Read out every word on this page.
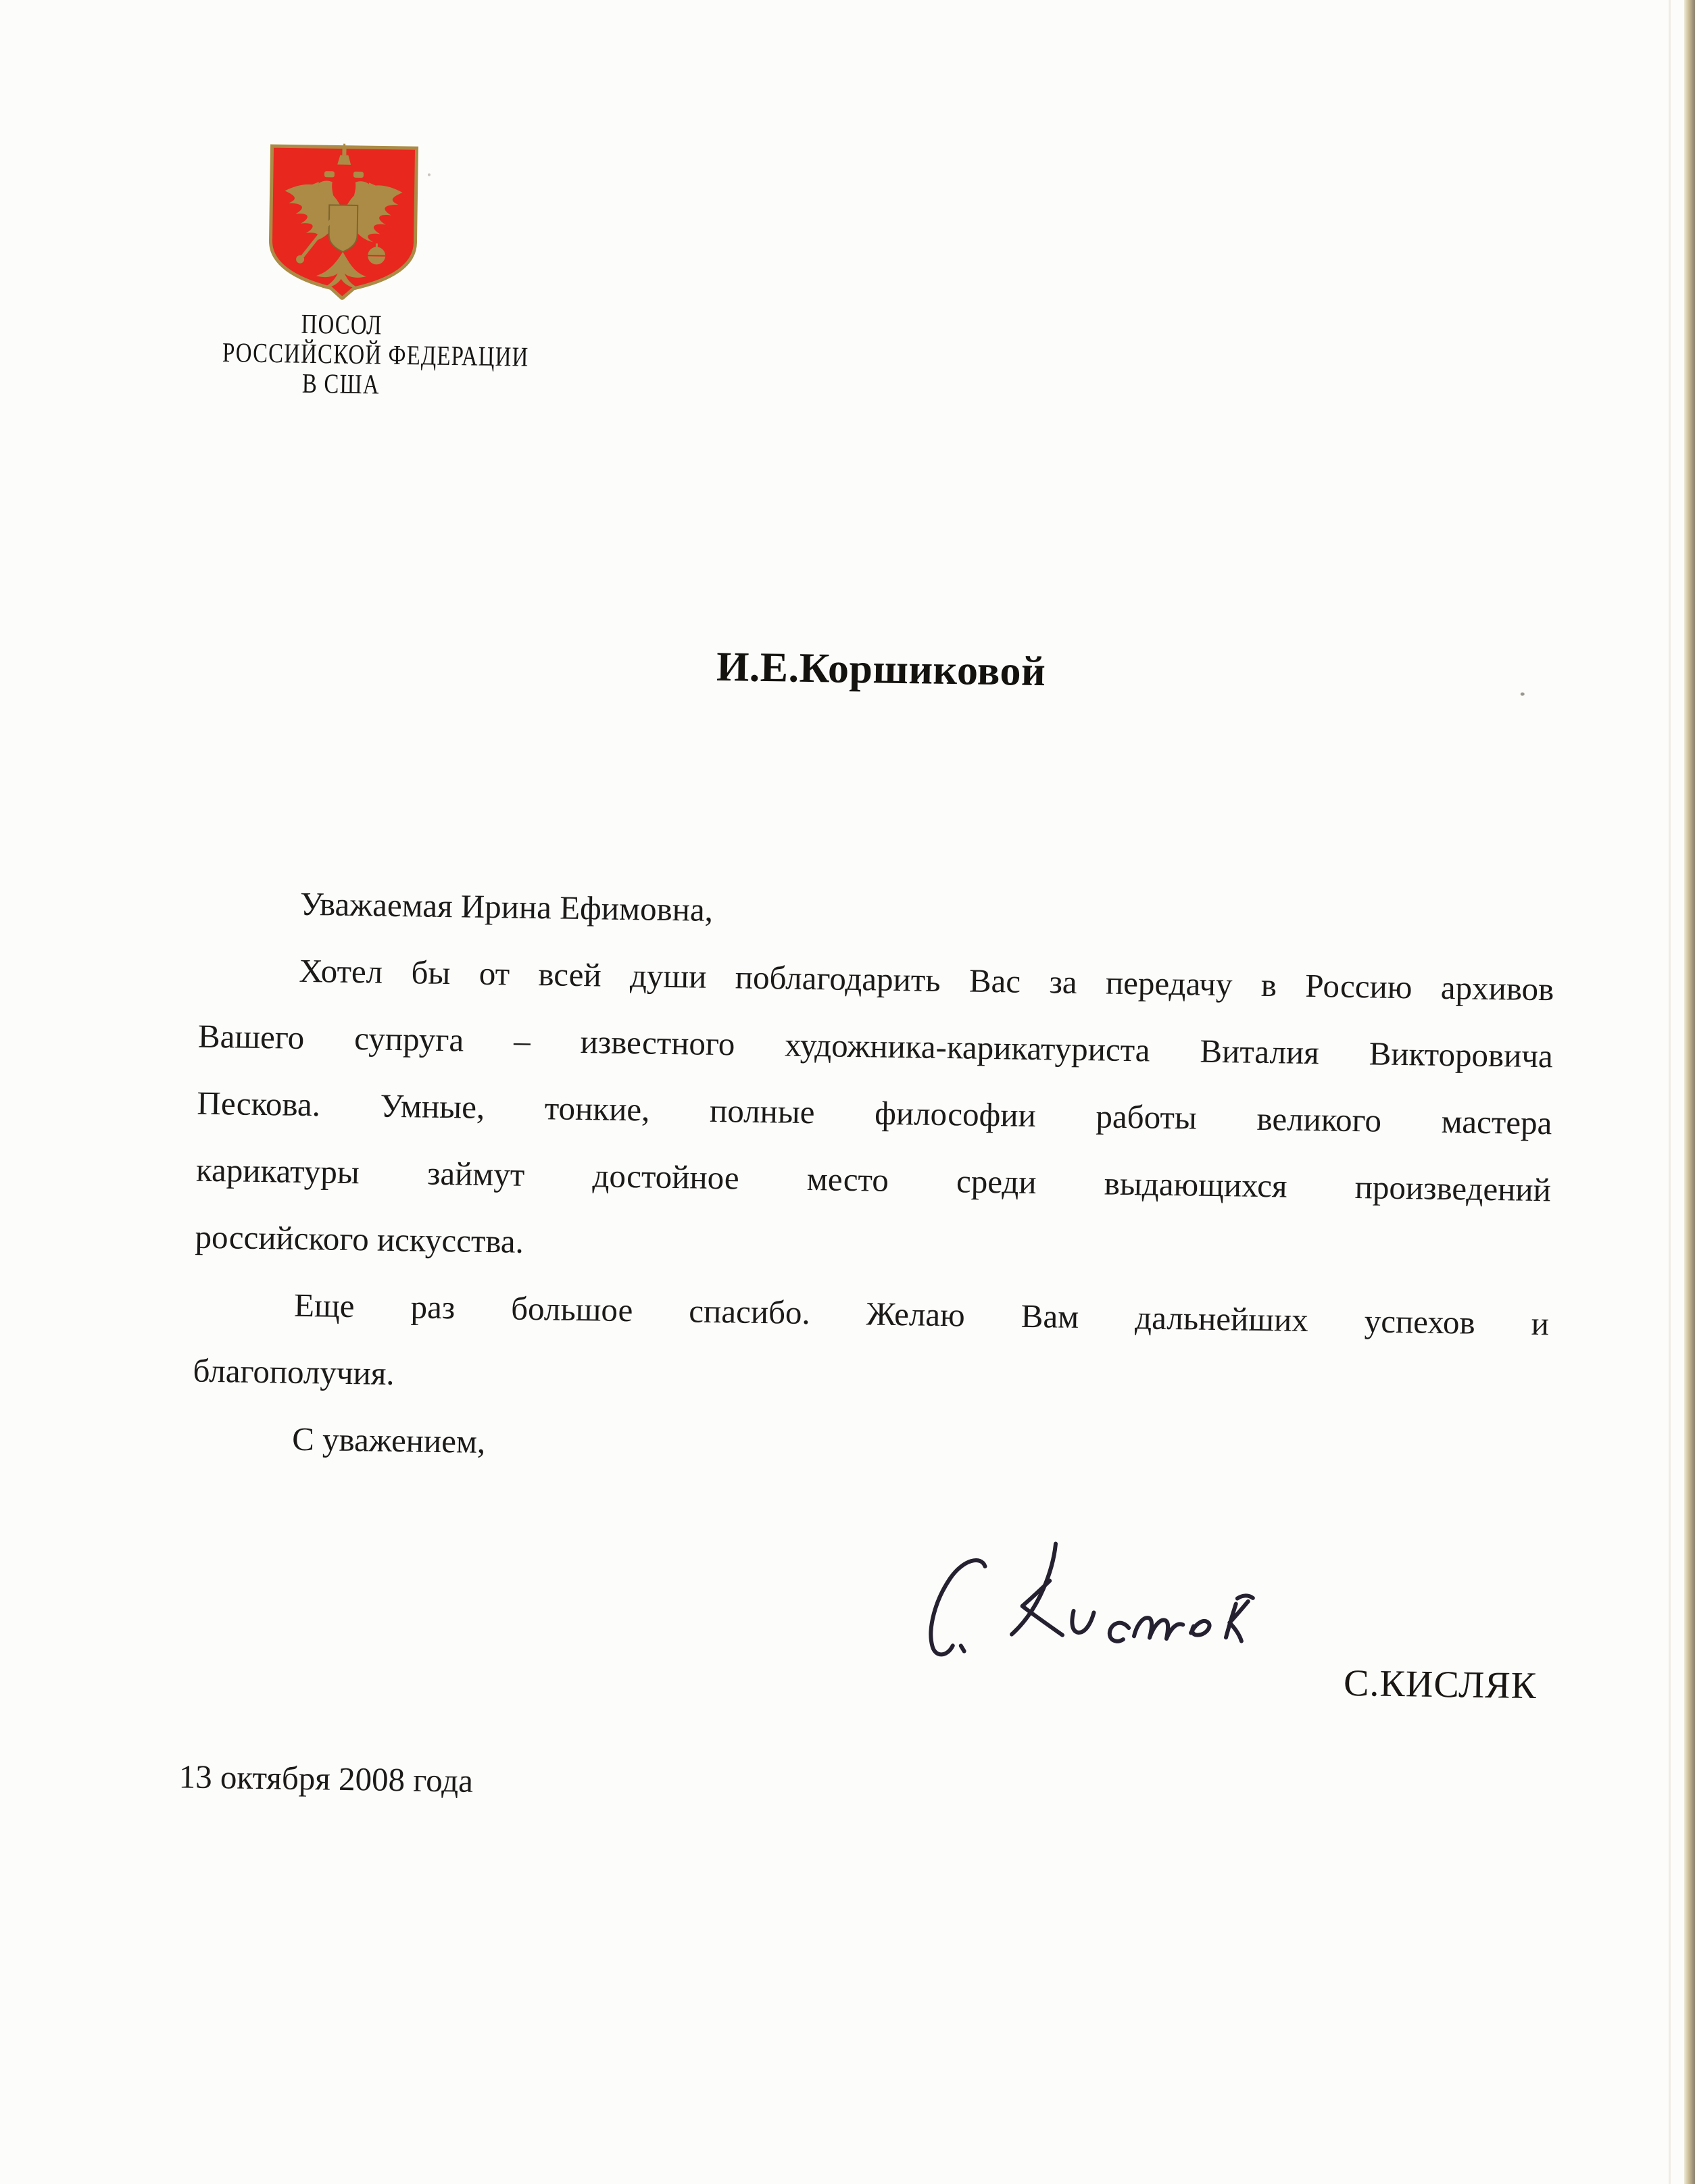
ПОСОЛ
РОССИЙСКОЙ ФЕДЕРАЦИИ
В США
И.Е.Коршиковой
Уважаемая Ирина Ефимовна,
Хотел бы от всей души поблагодарить Вас за передачу в Россию архивов
Вашего супруга – известного художника-карикатуриста Виталия Викторовича
Пескова. Умные, тонкие, полные философии работы великого мастера
карикатуры займут достойное место среди выдающихся произведений
российского искусства.
Еще раз большое спасибо. Желаю Вам дальнейших успехов и
благополучия.
С уважением,
С.КИСЛЯК
13 октября 2008 года
